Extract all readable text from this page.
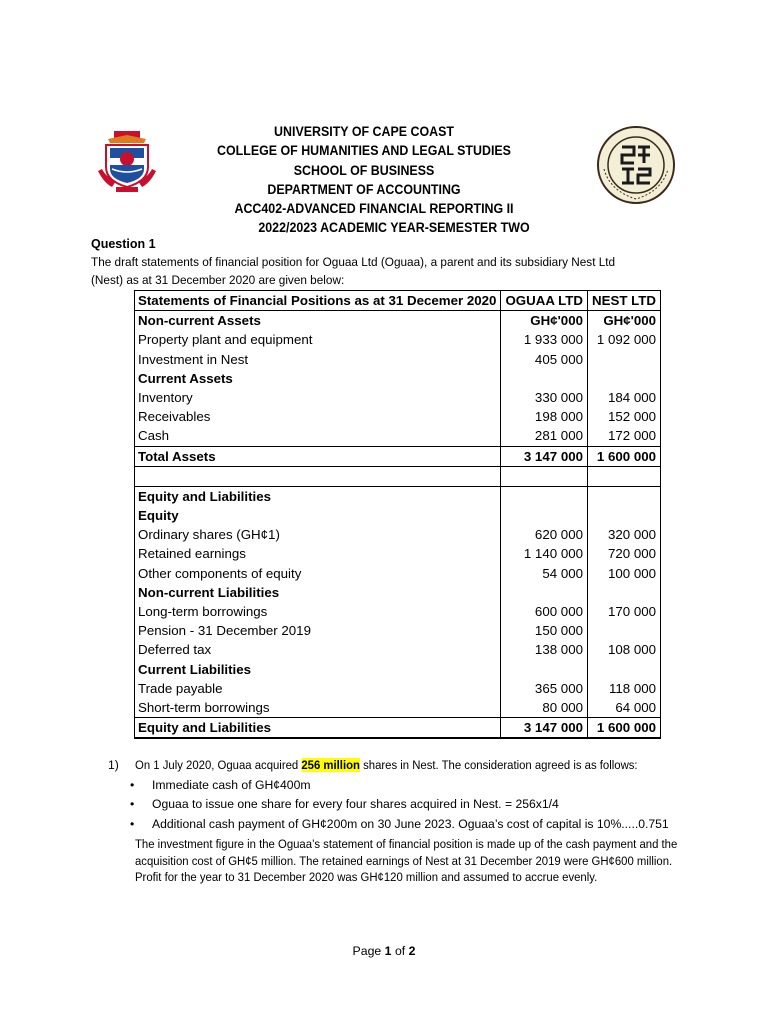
UNIVERSITY OF CAPE COAST
COLLEGE OF HUMANITIES AND LEGAL STUDIES
SCHOOL OF BUSINESS
DEPARTMENT OF ACCOUNTING
ACC402-ADVANCED FINANCIAL REPORTING II
2022/2023 ACADEMIC YEAR-SEMESTER TWO
Question 1
The draft statements of financial position for Oguaa Ltd (Oguaa), a parent and its subsidiary Nest Ltd (Nest) as at 31 December 2020 are given below:
Statements of Financial Positions as at 31 Decemer 2020	OGUAA LTD	NEST LTD
Non-current Assets	GH¢'000	GH¢'000
Property plant and equipment	1 933 000	1 092 000
Investment in Nest	405 000	
Current Assets		
Inventory	330 000	184 000
Receivables	198 000	152 000
Cash	281 000	172 000
Total Assets	3 147 000	1 600 000

Equity and Liabilities		
Equity		
Ordinary shares (GH¢1)	620 000	320 000
Retained earnings	1 140 000	720 000
Other components of equity	54 000	100 000
Non-current Liabilities		
Long-term borrowings	600 000	170 000
Pension - 31 December 2019	150 000	
Deferred tax	138 000	108 000
Current Liabilities		
Trade payable	365 000	118 000
Short-term borrowings	80 000	64 000
Equity and Liabilities	3 147 000	1 600 000
1) On 1 July 2020, Oguaa acquired 256 million shares in Nest. The consideration agreed is as follows:
• Immediate cash of GH¢400m
• Oguaa to issue one share for every four shares acquired in Nest. = 256x1/4
• Additional cash payment of GH¢200m on 30 June 2023. Oguaa’s cost of capital is 10%.....0.751
The investment figure in the Oguaa’s statement of financial position is made up of the cash payment and the
acquisition cost of GH¢5 million. The retained earnings of Nest at 31 December 2019 were GH¢600 million.
Profit for the year to 31 December 2020 was GH¢120 million and assumed to accrue evenly.
Page 1 of 2
